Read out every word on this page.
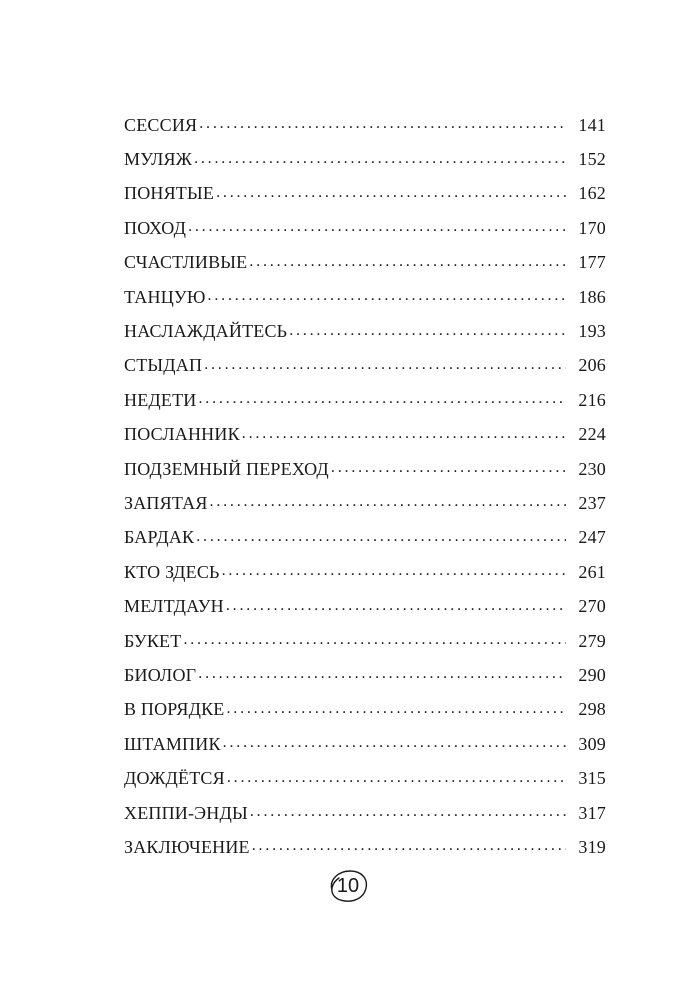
СЕССИЯ . . .	141
МУЛЯЖ . . .	152
ПОНЯТЫЕ . . .	162
ПОХОД . . .	170
СЧАСТЛИВЫЕ . . .	177
ТАНЦУЮ . . .	186
НАСЛАЖДАЙТЕСЬ . . .	193
СТЫДАП . . .	206
НЕДЕТИ . . .	216
ПОСЛАННИК . . .	224
ПОДЗЕМНЫЙ ПЕРЕХОД . . .	230
ЗАПЯТАЯ . . .	237
БАРДАК . . .	247
КТО ЗДЕСЬ . . .	261
МЕЛТДАУН . . .	270
БУКЕТ . . .	279
БИОЛОГ . . .	290
В ПОРЯДКЕ . . .	298
ШТАМПИК . . .	309
ДОЖДЁТСЯ . . .	315
ХЕППИ-ЭНДЫ . . .	317
ЗАКЛЮЧЕНИЕ . . .	319
10
